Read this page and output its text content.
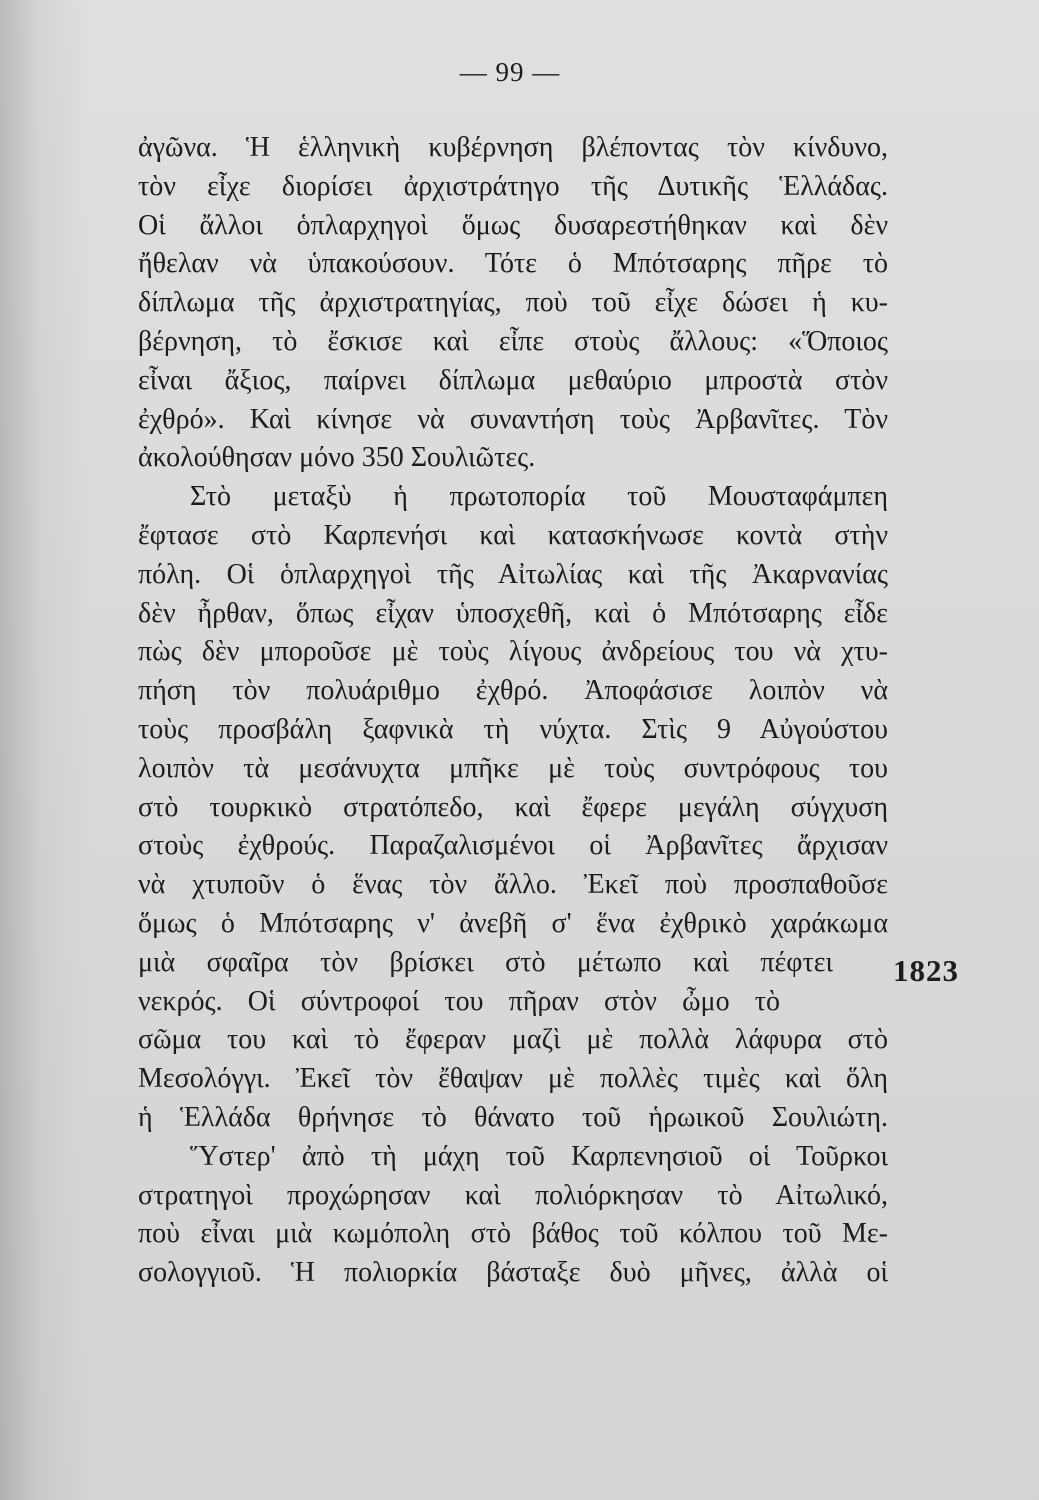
— 99 —
ἀγῶνα. Ἡ ἑλληνικὴ κυβέρνηση βλέποντας τὸν κίνδυνο,
τὸν εἶχε διορίσει ἀρχιστράτηγο τῆς Δυτικῆς Ἑλλάδας.
Οἱ ἄλλοι ὁπλαρχηγοὶ ὅμως δυσαρεστήθηκαν καὶ δὲν
ἤθελαν νὰ ὑπακούσουν. Τότε ὁ Μπότσαρης πῆρε τὸ
δίπλωμα τῆς ἀρχιστρατηγίας, ποὺ τοῦ εἶχε δώσει ἡ κυ-
βέρνηση, τὸ ἔσκισε καὶ εἶπε στοὺς ἄλλους: «Ὅποιος
εἶναι ἄξιος, παίρνει δίπλωμα μεθαύριο μπροστὰ στὸν
ἐχθρό». Καὶ κίνησε νὰ συναντήση τοὺς Ἀρβανῖτες. Τὸν
ἀκολούθησαν μόνο 350 Σουλιῶτες.
Στὸ μεταξὺ ἡ πρωτοπορία τοῦ Μουσταφάμπεη
ἔφτασε στὸ Καρπενήσι καὶ κατασκήνωσε κοντὰ στὴν
πόλη. Οἱ ὁπλαρχηγοὶ τῆς Αἰτωλίας καὶ τῆς Ἀκαρνανίας
δὲν ἦρθαν, ὅπως εἶχαν ὑποσχεθῆ, καὶ ὁ Μπότσαρης εἶδε
πὼς δὲν μποροῦσε μὲ τοὺς λίγους ἀνδρείους του νὰ χτυ-
πήση τὸν πολυάριθμο ἐχθρό. Ἀποφάσισε λοιπὸν νὰ
τοὺς προσβάλη ξαφνικὰ τὴ νύχτα. Στὶς 9 Αὐγούστου
λοιπὸν τὰ μεσάνυχτα μπῆκε μὲ τοὺς συντρόφους του
στὸ τουρκικὸ στρατόπεδο, καὶ ἔφερε μεγάλη σύγχυση
στοὺς ἐχθρούς. Παραζαλισμένοι οἱ Ἀρβανῖτες ἄρχισαν
νὰ χτυποῦν ὁ ἕνας τὸν ἄλλο. Ἐκεῖ ποὺ προσπαθοῦσε
ὅμως ὁ Μπότσαρης ν' ἀνεβῆ σ' ἕνα ἐχθρικὸ χαράκωμα
μιὰ σφαῖρα τὸν βρίσκει στὸ μέτωπο καὶ πέφτει
νεκρός. Οἱ σύντροφοί του πῆραν στὸν ὦμο τὸ
σῶμα του καὶ τὸ ἔφεραν μαζὶ μὲ πολλὰ λάφυρα στὸ
Μεσολόγγι. Ἐκεῖ τὸν ἔθαψαν μὲ πολλὲς τιμὲς καὶ ὅλη
ἡ Ἑλλάδα θρήνησε τὸ θάνατο τοῦ ἡρωικοῦ Σουλιώτη.
Ὕστερ' ἀπὸ τὴ μάχη τοῦ Καρπενησιοῦ οἱ Τοῦρκοι
στρατηγοὶ προχώρησαν καὶ πολιόρκησαν τὸ Αἰτωλικό,
ποὺ εἶναι μιὰ κωμόπολη στὸ βάθος τοῦ κόλπου τοῦ Με-
σολογγιοῦ. Ἡ πολιορκία βάσταξε δυὸ μῆνες, ἀλλὰ οἱ
1823
